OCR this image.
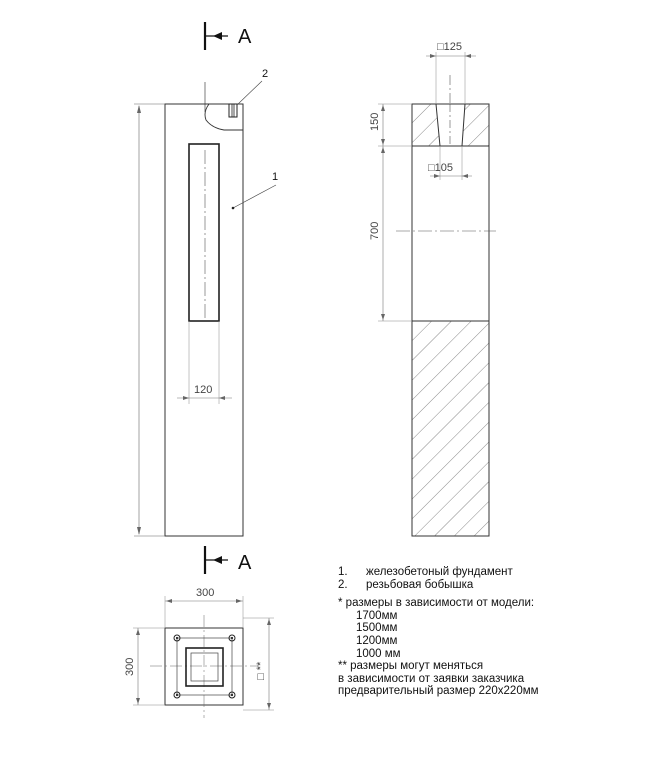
A
120
1
2
A
□125
□105
150
700
300
300	□ **
1. железобетоный фундамент
2. резьбовая бобышка
* размеры в зависимости от модели:
1700мм
1500мм
1200мм
1000 мм
** размеры могут меняться
в зависимости от заявки заказчика
предварительный размер 220х220мм
